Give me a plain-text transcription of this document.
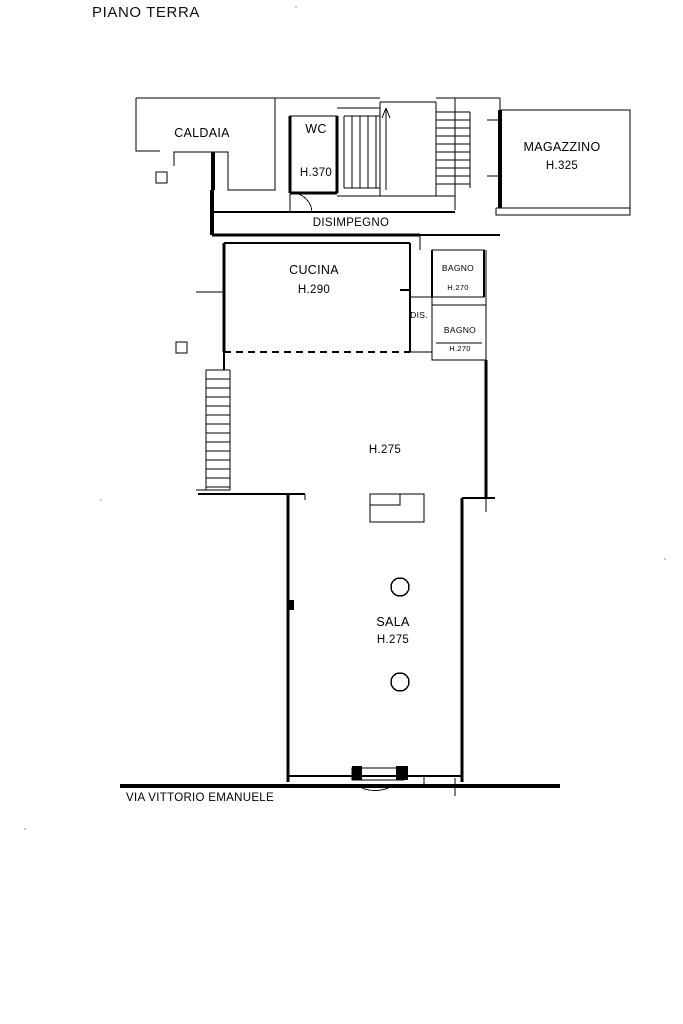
PIANO TERRA
CALDAIA	WC
H.370
MAGAZZINO
H.325
DISIMPEGNO
CUCINA
H.290
BAGNO
H.270
DIS.
BAGNO
H.270
H.275
SALA
H.275
VIA VITTORIO EMANUELE
